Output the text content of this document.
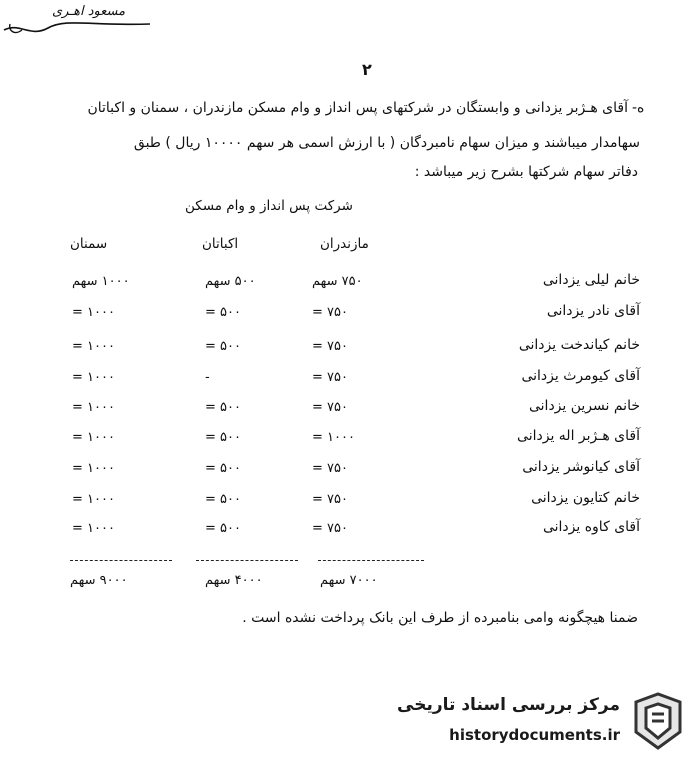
۲
ه-
آقای هـژبر یزدانی و وابستگان در شرکتهای پس انداز و وام مسکن مازندران ، سمنان و اکباتان
سهامدار میباشند و میزان سهام نامبردگان ( با ارزش اسمی هر سهم ۱۰۰۰۰ ریال ) طبق
دفاتر سهام شرکتها بشرح زیر میباشد :
شرکت پس انداز و وام مسکن
مازندران
اکباتان
سمنان
خانم لیلی یزدانی
۷۵۰ سهم
۵۰۰ سهم
۱۰۰۰ سهم
آقای نادر یزدانی
۷۵۰ =
۵۰۰ =
۱۰۰۰ =
خانم کیاندخت یزدانی
۷۵۰ =
۵۰۰ =
۱۰۰۰ =
آقای کیومرث یزدانی
۷۵۰ =
-
۱۰۰۰ =
خانم نسرین یزدانی
۷۵۰ =
۵۰۰ =
۱۰۰۰ =
آقای هـژبر اله یزدانی
۱۰۰۰ =
۵۰۰ =
۱۰۰۰ =
آقای کیانوشر یزدانی
۷۵۰ =
۵۰۰ =
۱۰۰۰ =
خانم کتایون یزدانی
۷۵۰ =
۵۰۰ =
۱۰۰۰ =
آقای کاوه یزدانی
۷۵۰ =
۵۰۰ =
۱۰۰۰ =
۷۰۰۰ سهم
۴۰۰۰ سهم
۹۰۰۰ سهم
ضمنا هیچگونه وامی بنامبرده از طرف این بانک پرداخت نشده است .
مسعود اهـری
مرکز بررسی اسناد تاریخی
historydocuments.ir
